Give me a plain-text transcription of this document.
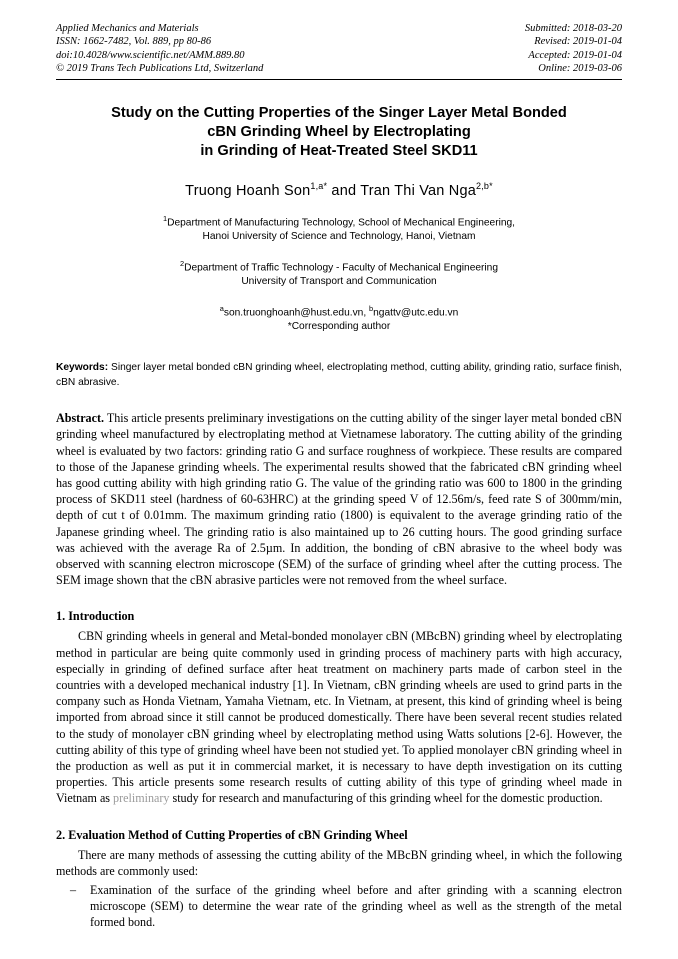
Applied Mechanics and Materials
ISSN: 1662-7482, Vol. 889, pp 80-86
doi:10.4028/www.scientific.net/AMM.889.80
© 2019 Trans Tech Publications Ltd, Switzerland
Submitted: 2018-03-20
Revised: 2019-01-04
Accepted: 2019-01-04
Online: 2019-03-06
Study on the Cutting Properties of the Singer Layer Metal Bonded
cBN Grinding Wheel by Electroplating
in Grinding of Heat-Treated Steel SKD11
Truong Hoanh Son$^{1,a*}$ and Tran Thi Van Nga$^{2,b*}$
$^1$Department of Manufacturing Technology, School of Mechanical Engineering,
Hanoi University of Science and Technology, Hanoi, Vietnam
$^2$Department of Traffic Technology - Faculty of Mechanical Engineering
University of Transport and Communication
$^a$son.truonghoanh@hust.edu.vn, $^b$ngattv@utc.edu.vn
*Corresponding author
Keywords: Singer layer metal bonded cBN grinding wheel, electroplating method, cutting ability, grinding ratio, surface finish, cBN abrasive.
Abstract. This article presents preliminary investigations on the cutting ability of the singer layer metal bonded cBN grinding wheel manufactured by electroplating method at Vietnamese laboratory. The cutting ability of the grinding wheel is evaluated by two factors: grinding ratio G and surface roughness of workpiece. These results are compared to those of the Japanese grinding wheels. The experimental results showed that the fabricated cBN grinding wheel has good cutting ability with high grinding ratio G. The value of the grinding ratio was 600 to 1800 in the grinding process of SKD11 steel (hardness of 60-63HRC) at the grinding speed V of 12.56m/s, feed rate S of 300mm/min, depth of cut t of 0.01mm. The maximum grinding ratio (1800) is equivalent to the average grinding ratio of the Japanese grinding wheel. The grinding ratio is also maintained up to 26 cutting hours. The good grinding surface was achieved with the average Ra of 2.5µm. In addition, the bonding of cBN abrasive to the wheel body was observed with scanning electron microscope (SEM) of the surface of grinding wheel after the cutting process. The SEM image shown that the cBN abrasive particles were not removed from the wheel surface.
1. Introduction

CBN grinding wheels in general and Metal-bonded monolayer cBN (MBcBN) grinding wheel by electroplating method in particular are being quite commonly used in grinding process of machinery parts with high accuracy, especially in grinding of defined surface after heat treatment on machinery parts made of carbon steel in the countries with a developed mechanical industry [1]. In Vietnam, cBN grinding wheels are used to grind parts in the company such as Honda Vietnam, Yamaha Vietnam, etc. In Vietnam, at present, this kind of grinding wheel is being imported from abroad since it still cannot be produced domestically. There have been several recent studies related to the study of monolayer cBN grinding wheel by electroplating method using Watts solutions [2-6]. However, the cutting ability of this type of grinding wheel have been not studied yet. To applied monolayer cBN grinding wheel in the production as well as put it in commercial market, it is necessary to have depth investigation on its cutting properties. This article presents some research results of cutting ability of this type of grinding wheel made in Vietnam as preliminary study for research and manufacturing of this grinding wheel for the domestic production.

2. Evaluation Method of Cutting Properties of cBN Grinding Wheel

There are many methods of assessing the cutting ability of the MBcBN grinding wheel, in which the following methods are commonly used:

– Examination of the surface of the grinding wheel before and after grinding with a scanning electron microscope (SEM) to determine the wear rate of the grinding wheel as well as the strength of the metal formed bond.
